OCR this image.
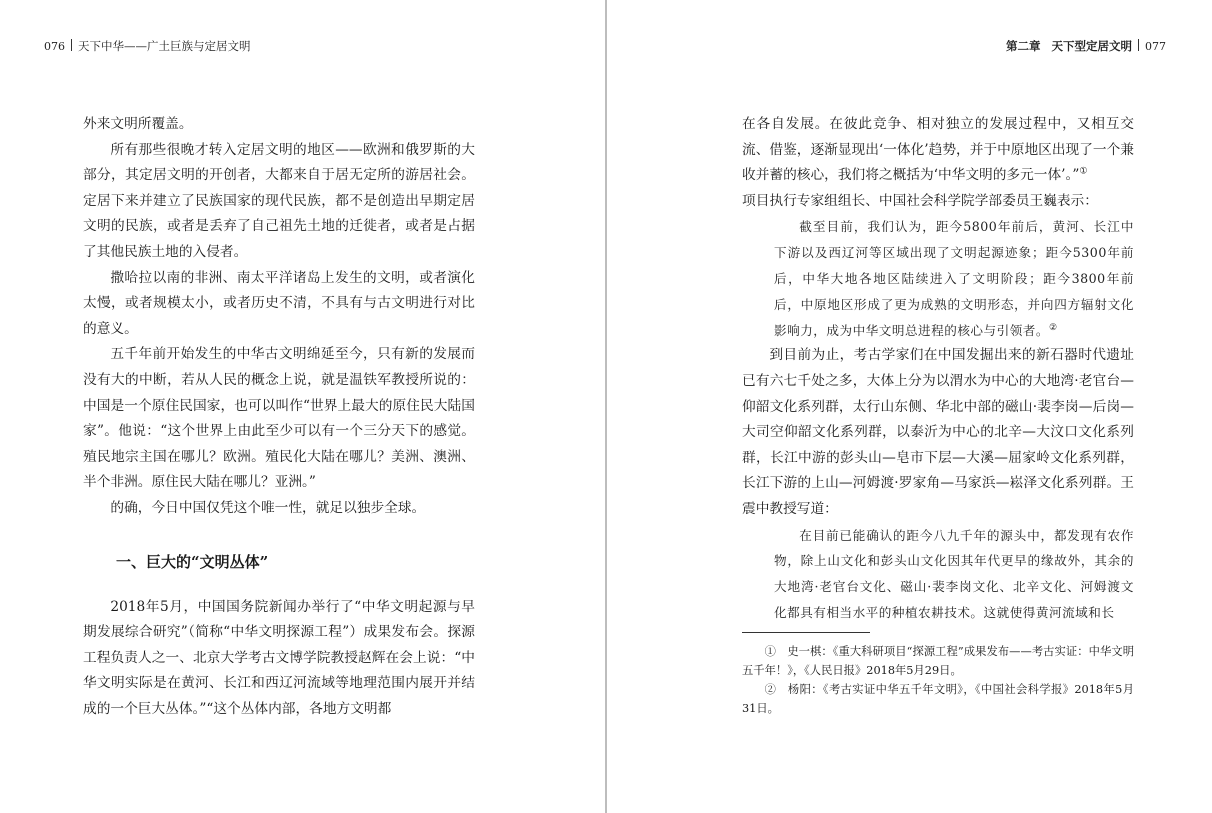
076 天下中华——广土巨族与定居文明

外来文明所覆盖。

所有那些很晚才转入定居文明的地区——欧洲和俄罗斯的大部分，其定居文明的开创者，大都来自于居无定所的游居社会。定居下来并建立了民族国家的现代民族，都不是创造出早期定居文明的民族，或者是丢弃了自己祖先土地的迁徙者，或者是占据了其他民族土地的入侵者。

撒哈拉以南的非洲、南太平洋诸岛上发生的文明，或者演化太慢，或者规模太小，或者历史不清，不具有与古文明进行对比的意义。

五千年前开始发生的中华古文明绵延至今，只有新的发展而没有大的中断，若从人民的概念上说，就是温铁军教授所说的：中国是一个原住民国家，也可以叫作“世界上最大的原住民大陆国家”。他说：“这个世界上由此至少可以有一个三分天下的感觉。殖民地宗主国在哪儿？欧洲。殖民化大陆在哪儿？美洲、澳洲、半个非洲。原住民大陆在哪儿？亚洲。”

的确，今日中国仅凭这个唯一性，就足以独步全球。

一、巨大的“文明丛体”

2018年5月，中国国务院新闻办举行了“中华文明起源与早期发展综合研究”（简称“中华文明探源工程”）成果发布会。探源工程负责人之一、北京大学考古文博学院教授赵辉在会上说：“中华文明实际是在黄河、长江和西辽河流域等地理范围内展开并结成的一个巨大丛体。”“这个丛体内部，各地方文明都

第二章 天下型定居文明 077

在各自发展。在彼此竞争、相对独立的发展过程中，又相互交流、借鉴，逐渐显现出‘一体化’趋势，并于中原地区出现了一个兼收并蓄的核心，我们将之概括为‘中华文明的多元一体’。”①

项目执行专家组组长、中国社会科学院学部委员王巍表示：

截至目前，我们认为，距今5800年前后，黄河、长江中下游以及西辽河等区域出现了文明起源迹象；距今5300年前后，中华大地各地区陆续进入了文明阶段；距今3800年前后，中原地区形成了更为成熟的文明形态，并向四方辐射文化影响力，成为中华文明总进程的核心与引领者。②

到目前为止，考古学家们在中国发掘出来的新石器时代遗址已有六七千处之多，大体上分为以渭水为中心的大地湾·老官台—仰韶文化系列群，太行山东侧、华北中部的磁山·裴李岗—后岗—大司空仰韶文化系列群，以泰沂为中心的北辛—大汶口文化系列群，长江中游的彭头山—皂市下层—大溪—屈家岭文化系列群，长江下游的上山—河姆渡·罗家角—马家浜—崧泽文化系列群。王震中教授写道：

在目前已能确认的距今八九千年的源头中，都发现有农作物，除上山文化和彭头山文化因其年代更早的缘故外，其余的大地湾·老官台文化、磁山·裴李岗文化、北辛文化、河姆渡文化都具有相当水平的种植农耕技术。这就使得黄河流域和长

①　史一棋：《重大科研项目“探源工程”成果发布——考古实证：中华文明五千年！》，《人民日报》2018年5月29日。

②　杨阳：《考古实证中华五千年文明》，《中国社会科学报》2018年5月31日。
